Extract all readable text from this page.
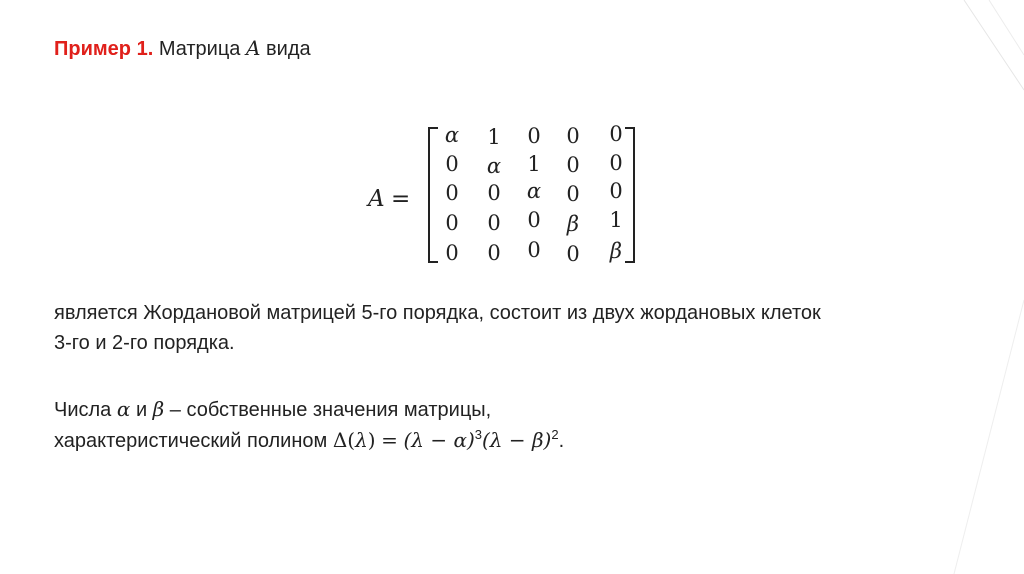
Пример 1. Матрица A вида
A =
α	1	0	0	0
0	α	1	0	0
0	0	α	0	0
0	0	0	β	1
0	0	0	0	β
является Жордановой матрицей 5-го порядка, состоит из двух жордановых клеток
3-го и 2-го порядка.
Числа α и β – собственные значения матрицы,
характеристический полином $\Delta(\lambda) = (\lambda - \alpha)^3(\lambda - \beta)^2$.
